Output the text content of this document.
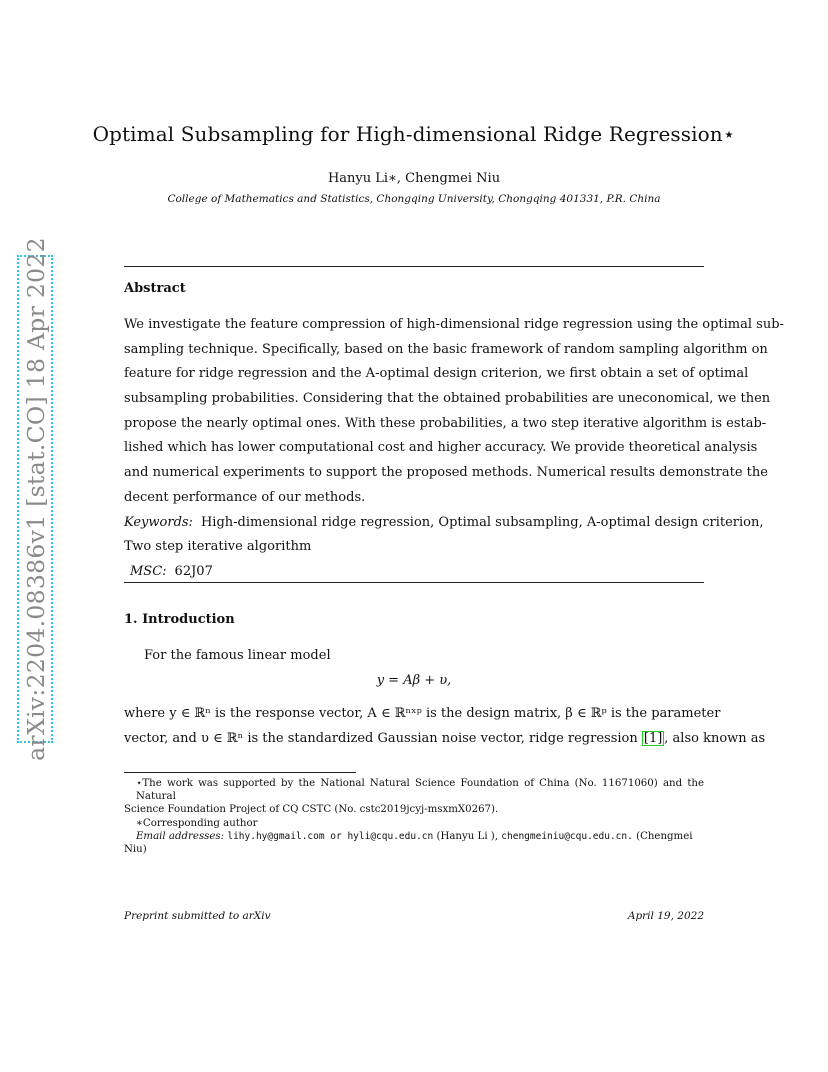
arXiv:2204.08386v1 [stat.CO] 18 Apr 2022
Optimal Subsampling for High-dimensional Ridge Regression⋆
Hanyu Li∗, Chengmei Niu
College of Mathematics and Statistics, Chongqing University, Chongqing 401331, P.R. China
Abstract
We investigate the feature compression of high-dimensional ridge regression using the optimal sub-
sampling technique. Specifically, based on the basic framework of random sampling algorithm on
feature for ridge regression and the A-optimal design criterion, we first obtain a set of optimal
subsampling probabilities. Considering that the obtained probabilities are uneconomical, we then
propose the nearly optimal ones. With these probabilities, a two step iterative algorithm is estab-
lished which has lower computational cost and higher accuracy. We provide theoretical analysis
and numerical experiments to support the proposed methods. Numerical results demonstrate the
decent performance of our methods.
Keywords: High-dimensional ridge regression, Optimal subsampling, A-optimal design criterion,
Two step iterative algorithm
MSC: 62J07
1. Introduction
For the famous linear model
y = Aβ + υ,
where y ∈ ℝⁿ is the response vector, A ∈ ℝⁿˣᵖ is the design matrix, β ∈ ℝᵖ is the parameter
vector, and υ ∈ ℝⁿ is the standardized Gaussian noise vector, ridge regression [1] , also known as
⋆The work was supported by the National Natural Science Foundation of China (No. 11671060) and the Natural
Science Foundation Project of CQ CSTC (No. cstc2019jcyj-msxmX0267).
∗Corresponding author
Email addresses: lihy.hy@gmail.com or hyli@cqu.edu.cn (Hanyu Li ), chengmeiniu@cqu.edu.cn. (Chengmei
Niu)
Preprint submitted to arXiv	April 19, 2022
